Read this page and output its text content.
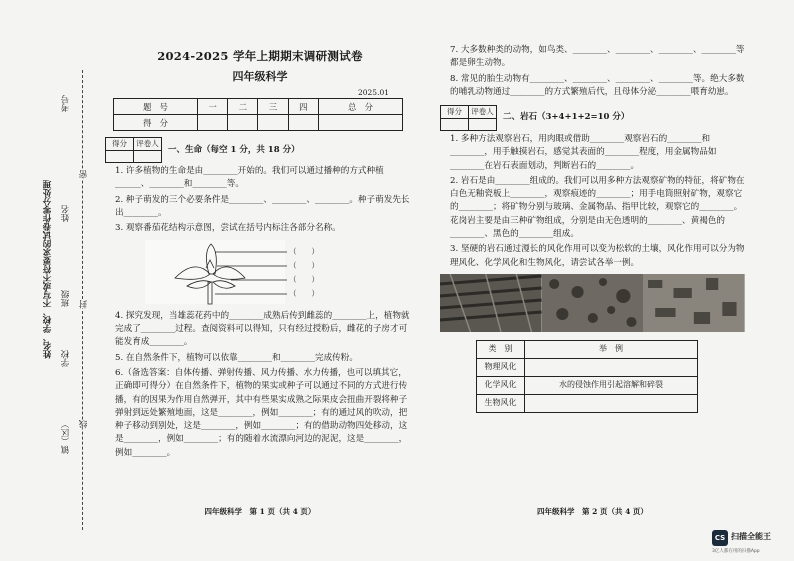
考号
姓名
班级
学校
镇（区）
姓名、学校、不写或不符要求的试卷作零分处理
密
封
线
2024-2025 学年上期期末调研测试卷
四年级科学
2025.01
题　号	一	二	三	四	总　分
得　分					
得分	评卷人

一、生命（每空 1 分，共 18 分）
1. 许多植物的生命是由________开始的。我们可以通过播种的方式种植______、________和________等。
2. 种子萌发的三个必要条件是________、________、________。种子萌发先长出________。
3. 观察番茄花结构示意图，尝试在括号内标注各部分名称。
（　　）
（　　）
（　　）
（　　）
4. 探究发现，当雄蕊花药中的________成熟后传到雌蕊的________上，植物就完成了________过程。查阅资料可以得知，只有经过授粉后，雌花的子房才可能发育成________。
5. 在自然条件下，植物可以依靠________和________完成传粉。
6.（备选答案：自体传播、弹射传播、风力传播、水力传播，也可以填其它，正确即可得分）在自然条件下，植物的果实或种子可以通过不同的方式进行传播，有的因果为作用自然弹开，其中有些果实成熟之际果皮会扭曲开裂将种子弹射到远处繁殖地面，这是________，例如________；有的通过风的吹动，把种子移动到别处，这是________，例如________；有的借助动物四处移动，这是________，例如________；有的随着水流漂向河边的泥泥，这是________，例如________。
四年级科学　第 1 页（共 4 页）
7. 大多数种类的动物，如鸟类、________、________、________、________等都是卵生动物。
8. 常见的胎生动物有________、________、________、________等。绝大多数的哺乳动物通过________的方式繁殖后代，且母体分泌________喂育幼崽。
得分	评卷人

二、岩石（3+4+1+2=10 分）
1. 多种方法观察岩石，用肉眼或借助________观察岩石的________和________，用手触摸岩石，感觉其表面的________程度，用金属物品如________在岩石表面划动，判断岩石的________。
2. 岩石是由________组成的。我们可以用多种方法观察矿物的特征，将矿物在白色无釉瓷板上________，观察痕迹的________；用手电筒照射矿物，观察它的________；将矿物分别与玻璃、金属物品、指甲比较，观察它的________。花岗岩主要是由三种矿物组成，分别是由无色透明的________、黄褐色的________、黑色的________组成。
3. 坚硬的岩石通过漫长的风化作用可以变为松软的土壤，风化作用可以分为物理风化、化学风化和生物风化，请尝试各举一例。
类　别	举　例
物理风化	
化学风化	水的侵蚀作用引起溶解和碎裂
生物风化	
四年级科学　第 2 页（共 4 页）
CS 扫描全能王
3亿人都在用的扫描App
